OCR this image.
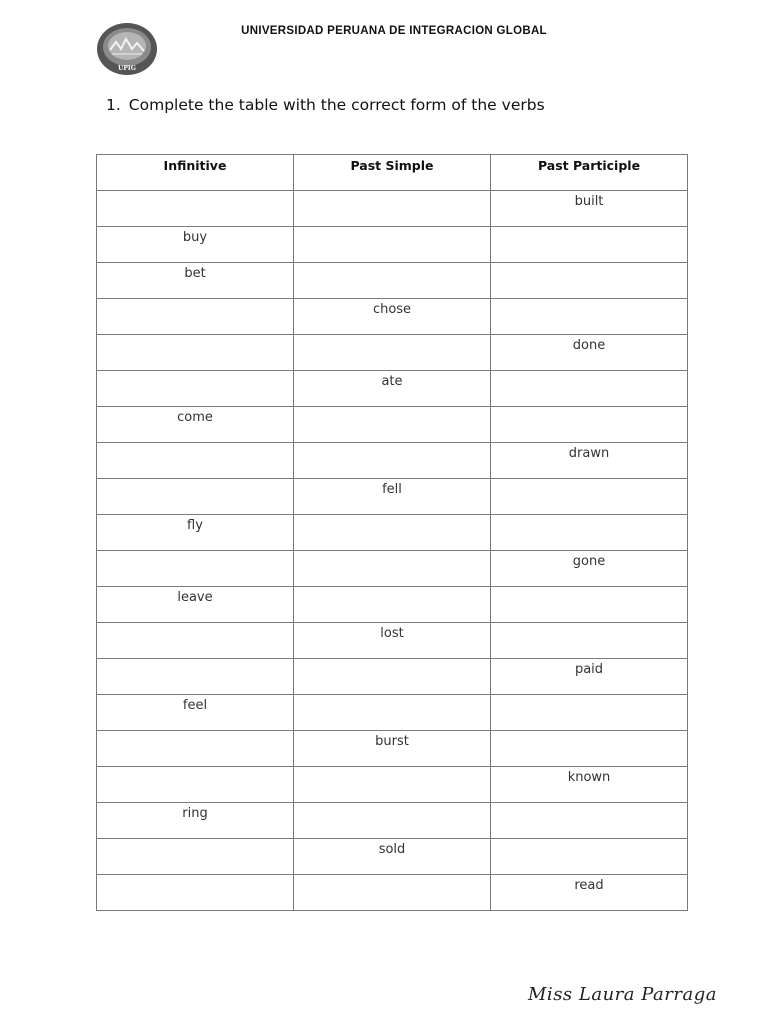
UPIG
UNIVERSIDAD PERUANA DE INTEGRACION GLOBAL
1. Complete the table with the correct form of the verbs
Infinitive	Past Simple	Past Participle

		built

buy		

bet		

	chose	

		done

	ate	

come		

		drawn

	fell	

fly		

		gone

leave		

	lost	

		paid

feel		

	burst	

		known

ring		

	sold	

		read
Miss Laura Parraga
